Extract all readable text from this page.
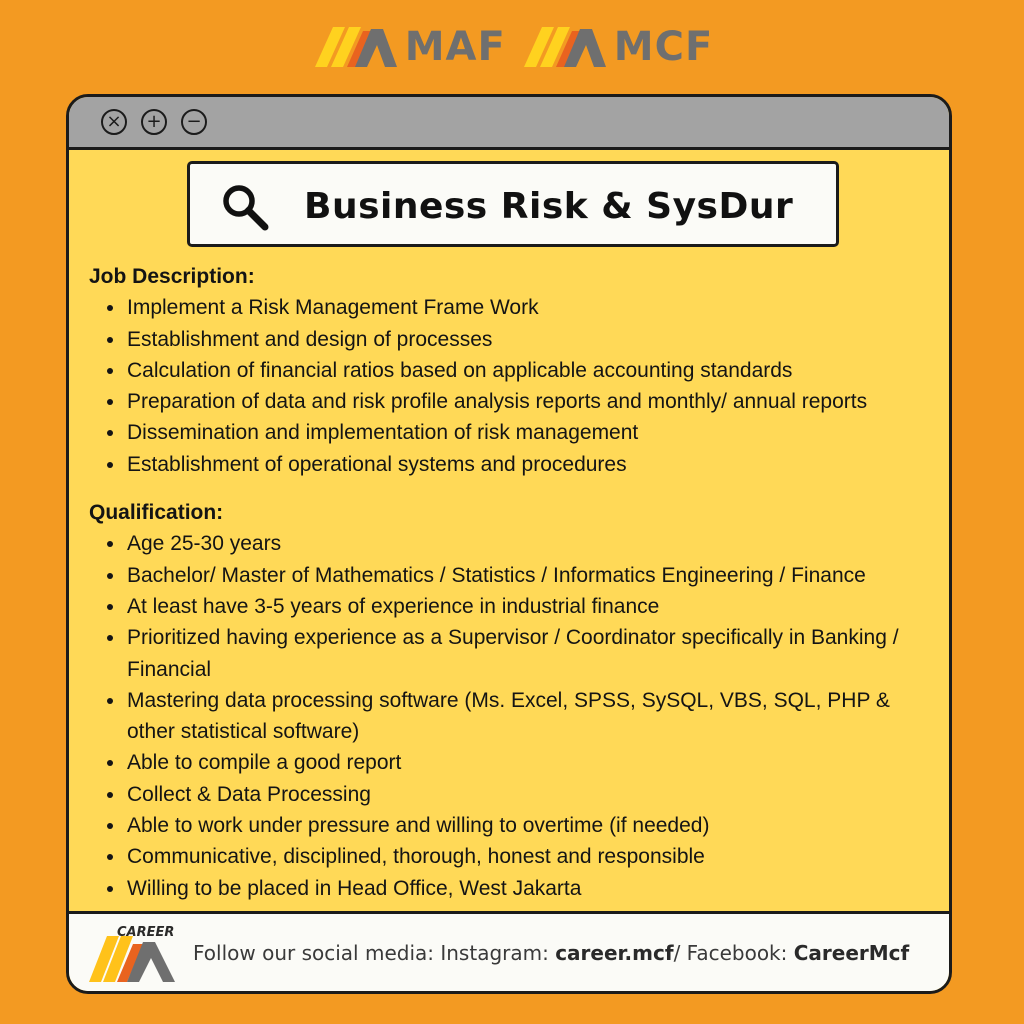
MAF	MCF
×	+	−
Business Risk & SysDur

Job Description:

Implement a Risk Management Frame Work
Establishment and design of processes
Calculation of financial ratios based on applicable accounting standards
Preparation of data and risk profile analysis reports and monthly/ annual reports
Dissemination and implementation of risk management
Establishment of operational systems and procedures

Qualification:

Age 25-30 years
Bachelor/ Master of Mathematics / Statistics / Informatics Engineering / Finance
At least have 3-5 years of experience in industrial finance
Prioritized having experience as a Supervisor / Coordinator specifically in Banking / Financial
Mastering data processing software (Ms. Excel, SPSS, SySQL, VBS, SQL, PHP & other statistical software)
Able to compile a good report
Collect & Data Processing
Able to work under pressure and willing to overtime (if needed)
Communicative, disciplined, thorough, honest and responsible
Willing to be placed in Head Office, West Jakarta
CAREER
Follow our social media: Instagram: career.mcf/ Facebook: CareerMcf
